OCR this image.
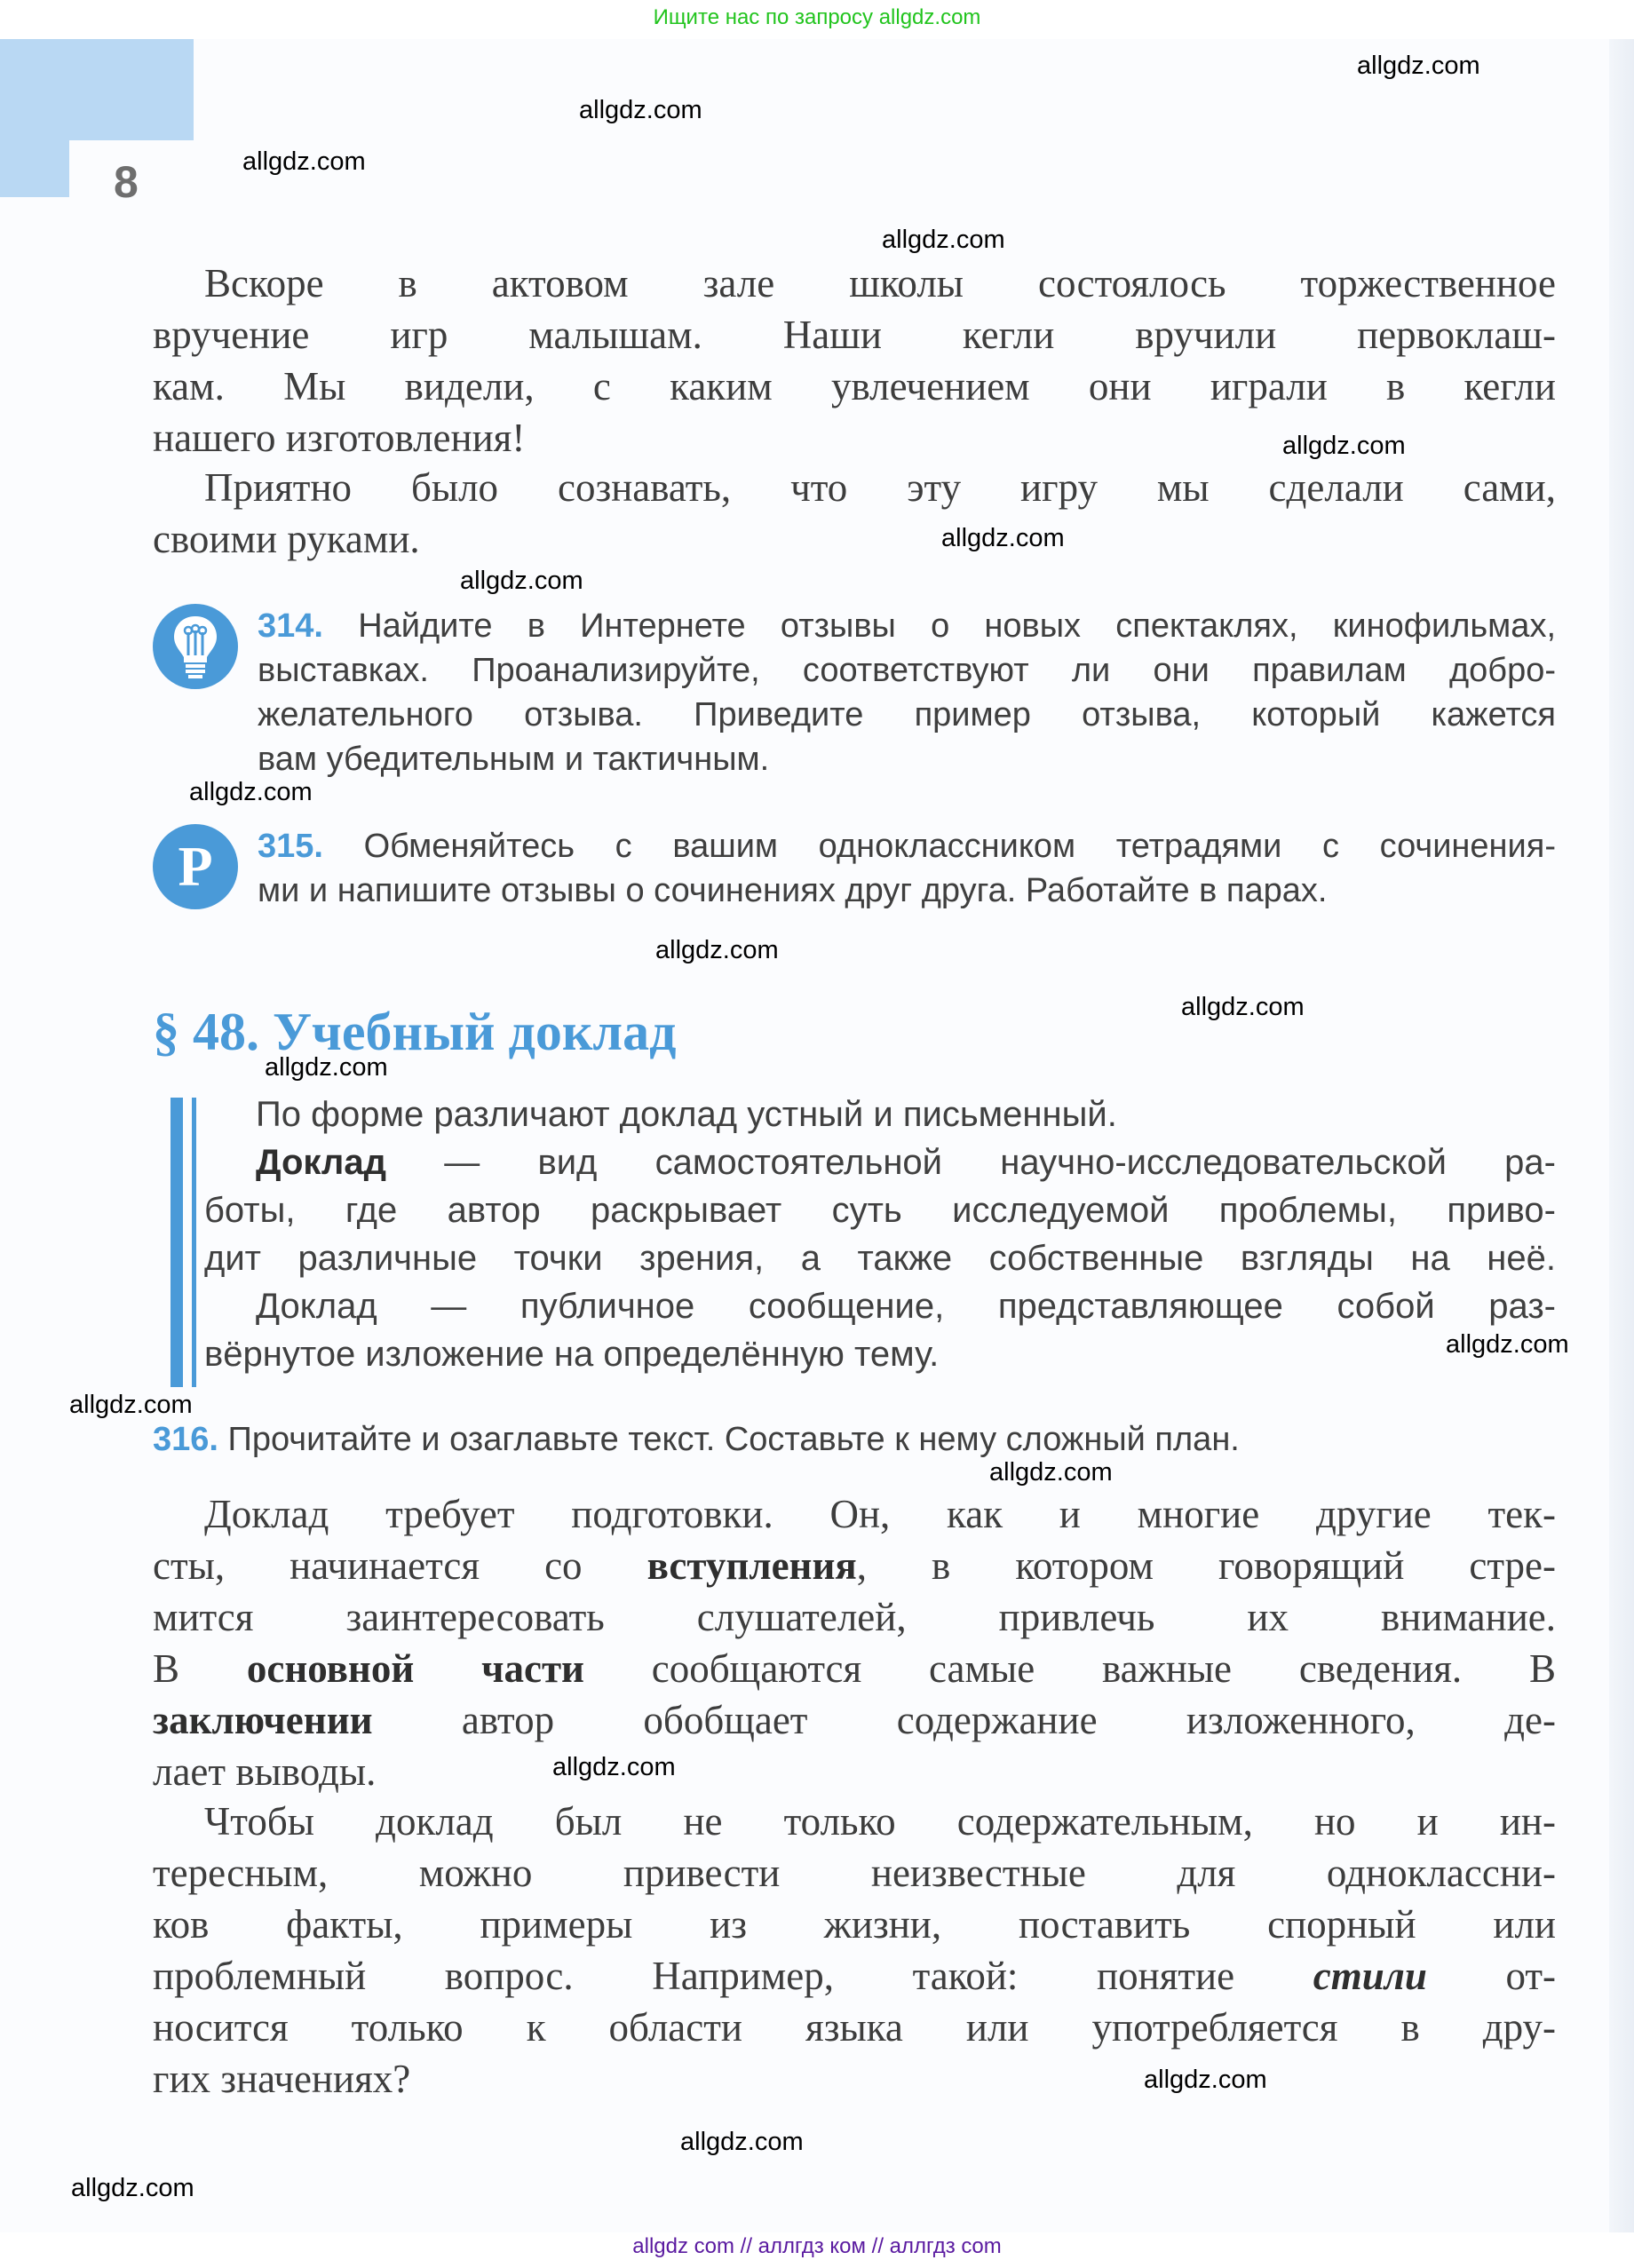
Ищите нас по запросу allgdz.com
8
Вскоре в актовом зале школы состоялось торжественное
вручение игр малышам. Наши кегли вручили первоклаш-
кам. Мы видели, с каким увлечением они играли в кегли
нашего изготовления!
Приятно было сознавать, что эту игру мы сделали сами,
своими руками.
314. Найдите в Интернете отзывы о новых спектаклях, кинофильмах,
выставках. Проанализируйте, соответствуют ли они правилам добро-
желательного отзыва. Приведите пример отзыва, который кажется
вам убедительным и тактичным.
P 315. Обменяйтесь с вашим одноклассником тетрадями с сочинения-
ми и напишите отзывы о сочинениях друг друга. Работайте в парах.
§ 48. Учебный доклад
По форме различают доклад устный и письменный.
Доклад — вид самостоятельной научно-исследовательской ра-
боты, где автор раскрывает суть исследуемой проблемы, приво-
дит различные точки зрения, а также собственные взгляды на неё.
Доклад — публичное сообщение, представляющее собой раз-
вёрнутое изложение на определённую тему.
316. Прочитайте и озаглавьте текст. Составьте к нему сложный план.
Доклад требует подготовки. Он, как и многие другие тек-
сты, начинается со вступления, в котором говорящий стре-
мится заинтересовать слушателей, привлечь их внимание.
В основной части сообщаются самые важные сведения. В
заключении автор обобщает содержание изложенного, де-
лает выводы.
Чтобы доклад был не только содержательным, но и ин-
тересным, можно привести неизвестные для одноклассни-
ков факты, примеры из жизни, поставить спорный или
проблемный вопрос. Например, такой: понятие стили от-
носится только к области языка или употребляется в дру-
гих значениях?
allgdz.com
allgdz.com
allgdz.com
allgdz.com
allgdz.com
allgdz.com
allgdz.com
allgdz.com
allgdz.com
allgdz.com
allgdz.com
allgdz.com
allgdz.com
allgdz.com
allgdz.com
allgdz.com
allgdz.com
allgdz.com
allgdz com // аллгдз ком // аллгдз com
